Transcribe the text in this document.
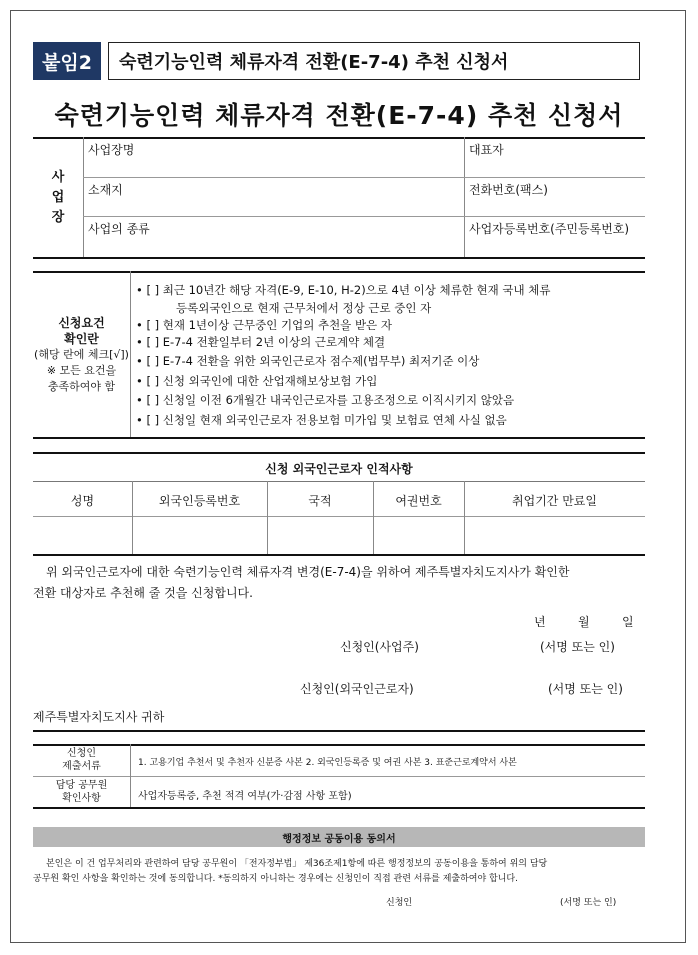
붙임2	숙련기능인력 체류자격 전환(E-7-4) 추천 신청서
숙련기능인력 체류자격 전환(E-7-4) 추천 신청서
사
업
장
사업장명	대표자
소재지	전화번호(팩스)
사업의 종류	사업자등록번호(주민등록번호)
신청요건
확인란
(해당 란에 체크[√])
※ 모든 요건을
충족하여야 함
• [ ] 최근 10년간 해당 자격(E-9, E-10, H-2)으로 4년 이상 체류한 현재 국내 체류
등록외국인으로 현재 근무처에서 정상 근로 중인 자
• [ ] 현재 1년이상 근무중인 기업의 추천을 받은 자
• [ ] E-7-4 전환일부터 2년 이상의 근로계약 체결
• [ ] E-7-4 전환을 위한 외국인근로자 점수제(법무부) 최저기준 이상
• [ ] 신청 외국인에 대한 산업재해보상보험 가입
• [ ] 신청일 이전 6개월간 내국인근로자를 고용조정으로 이직시키지 않았음
• [ ] 신청일 현재 외국인근로자 전용보험 미가입 및 보험료 연체 사실 없음
신청 외국인근로자 인적사항
성명	외국인등록번호	국적	여권번호	취업기간 만료일
위 외국인근로자에 대한 숙련기능인력 체류자격 변경(E-7-4)을 위하여 제주특별자치도지사가 확인한
전환 대상자로 추천해 줄 것을 신청합니다.
년	월	일
신청인(사업주)	(서명 또는 인)
신청인(외국인근로자)	(서명 또는 인)
제주특별자치도지사 귀하
신청인
제출서류	1. 고용기업 추천서 및 추천자 신분증 사본 2. 외국인등록증 및 여권 사본 3. 표준근로계약서 사본
담당 공무원
확인사항	사업자등록증, 추천 적격 여부(가·감점 사항 포함)
행정정보 공동이용 동의서
본인은 이 건 업무처리와 관련하여 담당 공무원이 「전자정부법」 제36조제1항에 따른 행정정보의 공동이용을 통하여 위의 담당
공무원 확인 사항을 확인하는 것에 동의합니다. *동의하지 아니하는 경우에는 신청인이 직접 관련 서류를 제출하여야 합니다.
신청인	(서명 또는 인)
